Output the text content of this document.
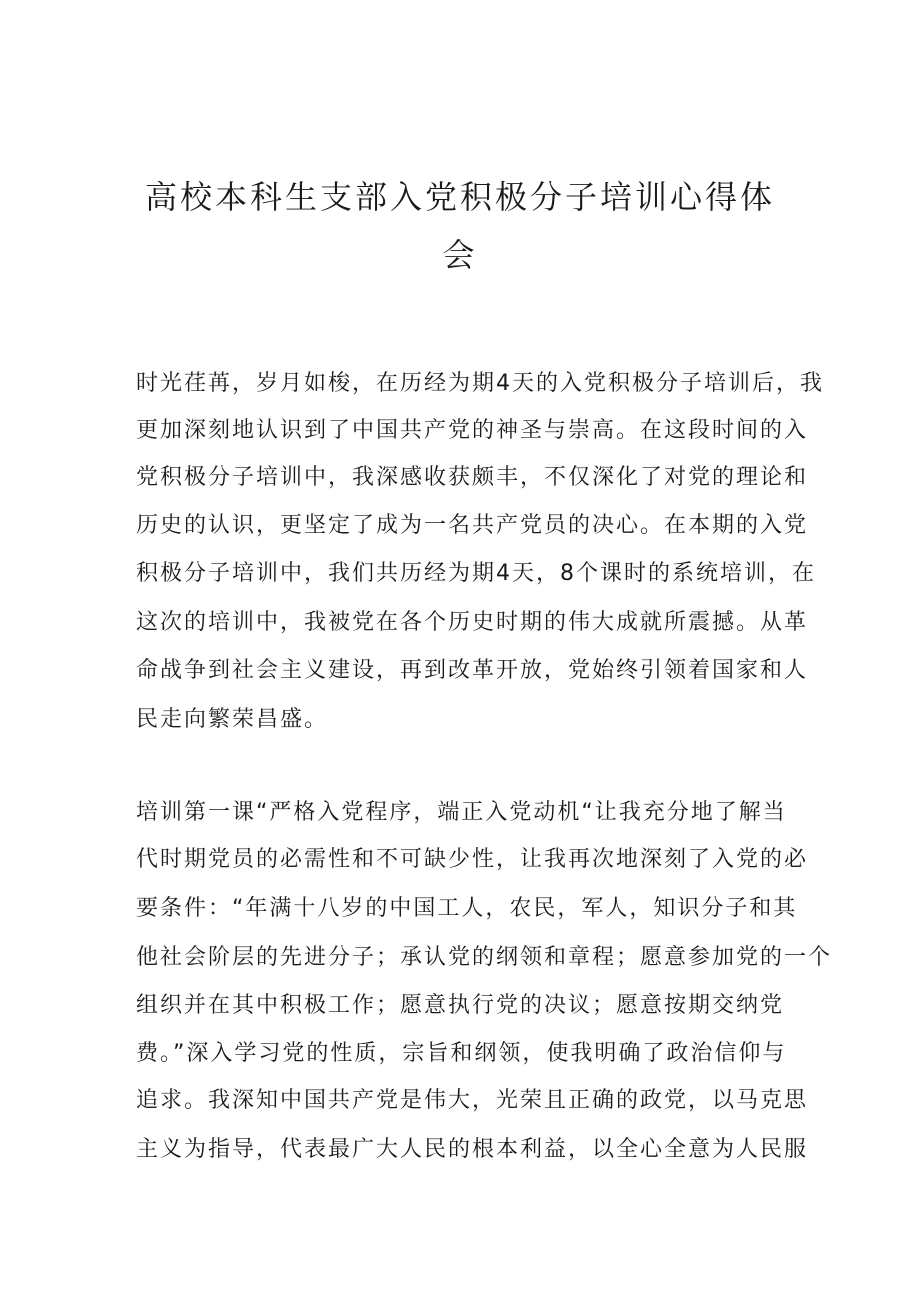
高校本科生支部入党积极分子培训心得体
会

时光荏苒，岁月如梭，在历经为期4天的入党积极分子培训后，我

更加深刻地认识到了中国共产党的神圣与崇高。在这段时间的入

党积极分子培训中，我深感收获颇丰，不仅深化了对党的理论和

历史的认识，更坚定了成为一名共产党员的决心。在本期的入党

积极分子培训中，我们共历经为期4天，8个课时的系统培训，在

这次的培训中，我被党在各个历史时期的伟大成就所震撼。从革

命战争到社会主义建设，再到改革开放，党始终引领着国家和人

民走向繁荣昌盛。

培训第一课“严格入党程序，端正入党动机“让我充分地了解当

代时期党员的必需性和不可缺少性，让我再次地深刻了入党的必

要条件：“年满十八岁的中国工人，农民，军人，知识分子和其

他社会阶层的先进分子；承认党的纲领和章程；愿意参加党的一个

组织并在其中积极工作；愿意执行党的决议；愿意按期交纳党

费。”深入学习党的性质，宗旨和纲领，使我明确了政治信仰与

追求。我深知中国共产党是伟大，光荣且正确的政党，以马克思

主义为指导，代表最广大人民的根本利益，以全心全意为人民服
